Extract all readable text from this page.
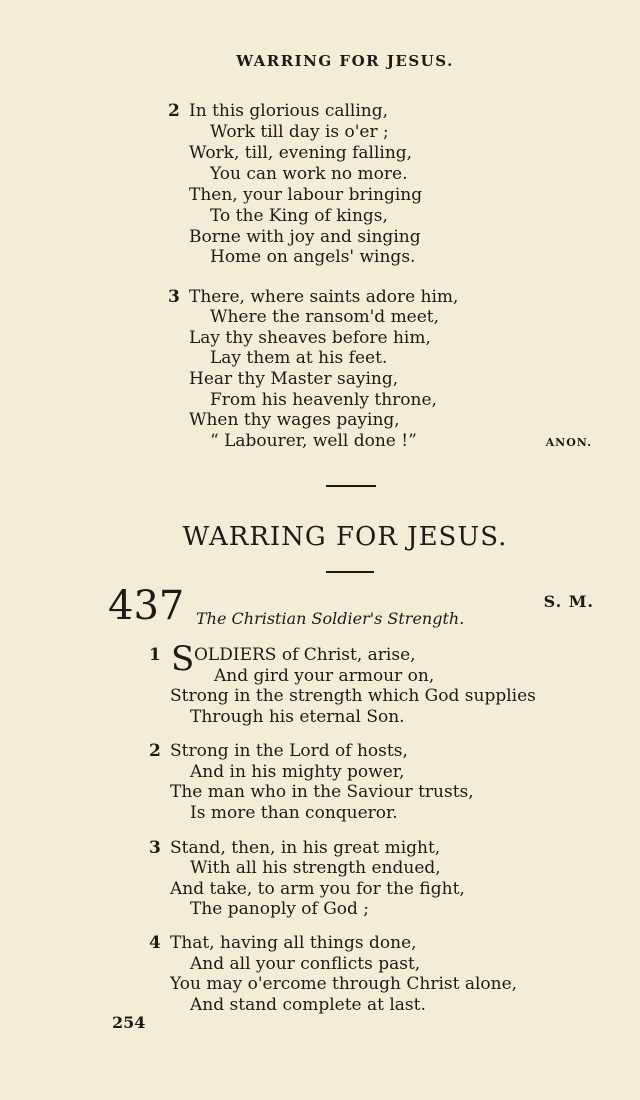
WARRING FOR JESUS.
2 In this glorious calling,
Work till day is o'er ;
Work, till, evening falling,
You can work no more.
Then, your labour bringing
To the King of kings,
Borne with joy and singing
Home on angels' wings.
3 There, where saints adore him,
Where the ransom'd meet,
Lay thy sheaves before him,
Lay them at his feet.
Hear thy Master saying,
From his heavenly throne,
When thy wages paying,
“ Labourer, well done !”	ANON.
WARRING FOR JESUS.
437 The Christian Soldier's Strength.
S. M.
1 S OLDIERS of Christ, arise,
And gird your armour on,
Strong in the strength which God supplies
Through his eternal Son.
2 Strong in the Lord of hosts,
And in his mighty power,
The man who in the Saviour trusts,
Is more than conqueror.
3 Stand, then, in his great might,
With all his strength endued,
And take, to arm you for the fight,
The panoply of God ;
4 That, having all things done,
And all your conflicts past,
You may o'ercome through Christ alone,
And stand complete at last.
254
